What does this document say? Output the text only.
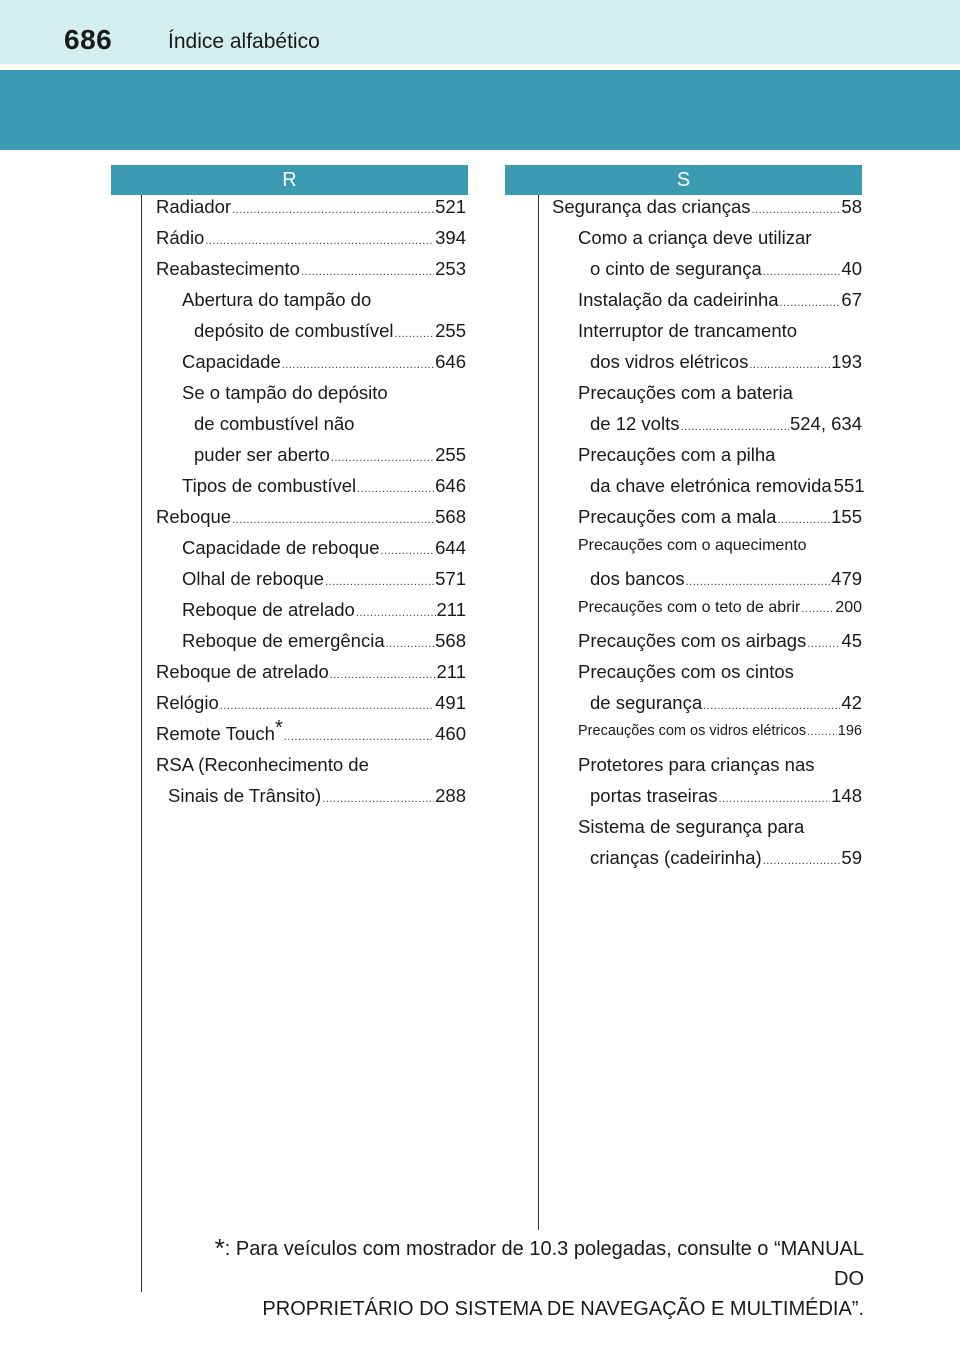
686	Índice alfabético
R	S
Radiador .....	521
Rádio .....	394
Reabastecimento .....	253
Abertura do tampão do
depósito de combustível ..... 255
Capacidade .....	646
Se o tampão do depósito
de combustível não
puder ser aberto .....	255
Tipos de combustível .....	646
Reboque .....	568
Capacidade de reboque .....	644
Olhal de reboque .....	571
Reboque de atrelado .....	211
Reboque de emergência .....	568
Reboque de atrelado .....	211
Relógio .....	491
Remote Touch* .....	460
RSA (Reconhecimento de
Sinais de Trânsito) .....	288
Segurança das crianças .....	58
Como a criança deve utilizar
o cinto de segurança .....	40
Instalação da cadeirinha .....	67
Interruptor de trancamento
dos vidros elétricos .....	193
Precauções com a bateria
de 12 volts .....	524, 634
Precauções com a pilha
da chave eletrónica removida 551
Precauções com a mala .....	155
Precauções com o aquecimento
dos bancos .....	479
Precauções com o teto de abrir ..... 200
Precauções com os airbags ..... 45
Precauções com os cintos
de segurança .....	42
Precauções com os vidros elétricos ..... 196
Protetores para crianças nas
portas traseiras .....	148
Sistema de segurança para
crianças (cadeirinha) .....	59
*: Para veículos com mostrador de 10.3 polegadas, consulte o “MANUAL DO
PROPRIETÁRIO DO SISTEMA DE NAVEGAÇÃO E MULTIMÉDIA”.
